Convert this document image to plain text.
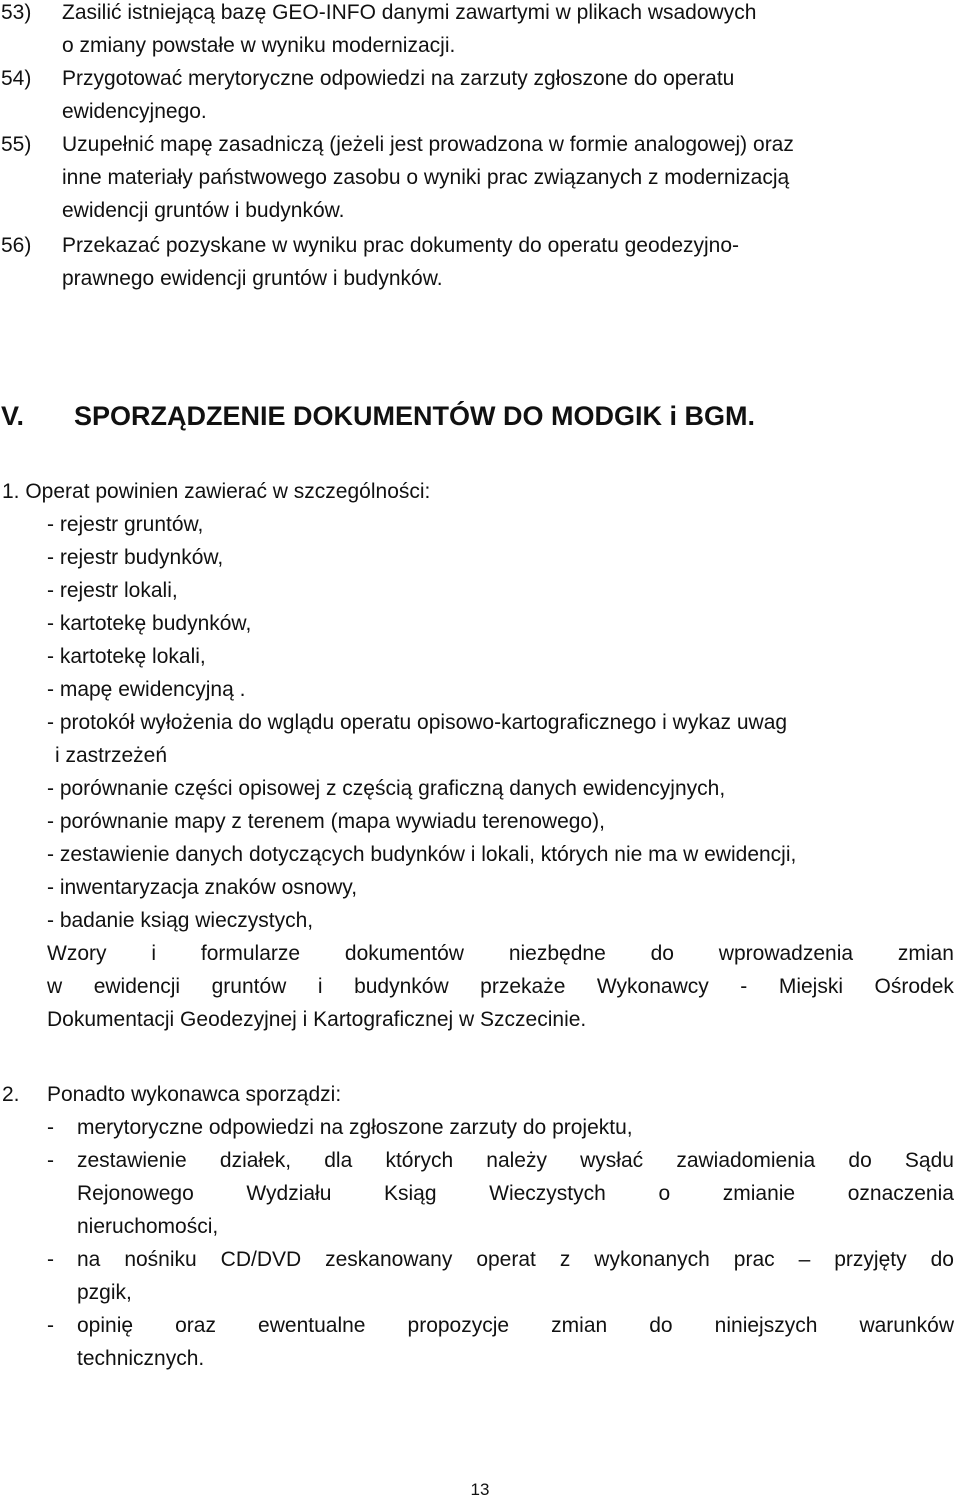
53)	Zasilić istniejącą bazę GEO-INFO danymi zawartymi w plikach wsadowych
o zmiany powstałe w wyniku modernizacji.
54)	Przygotować merytoryczne odpowiedzi na zarzuty zgłoszone do operatu
ewidencyjnego.
55)	Uzupełnić mapę zasadniczą (jeżeli jest prowadzona w formie analogowej) oraz
inne materiały państwowego zasobu o wyniki prac związanych z modernizacją
ewidencji gruntów i budynków.
56)	Przekazać pozyskane w wyniku prac dokumenty do operatu geodezyjno-
prawnego ewidencji gruntów i budynków.
V.	SPORZĄDZENIE DOKUMENTÓW DO MODGIK i BGM.
1. Operat powinien zawierać w szczególności:
- rejestr gruntów,
- rejestr budynków,
- rejestr lokali,
- kartotekę budynków,
- kartotekę lokali,
- mapę ewidencyjną .
- protokół wyłożenia do wglądu operatu opisowo-kartograficznego i wykaz uwag
i zastrzeżeń
- porównanie części opisowej z częścią graficzną danych ewidencyjnych,
- porównanie mapy z terenem (mapa wywiadu terenowego),
- zestawienie danych dotyczących budynków i lokali, których nie ma w ewidencji,
- inwentaryzacja znaków osnowy,
- badanie ksiąg wieczystych,
Wzory i formularze dokumentów niezbędne do wprowadzenia zmian
w ewidencji gruntów i budynków przekaże Wykonawcy - Miejski Ośrodek
Dokumentacji Geodezyjnej i Kartograficznej w Szczecinie.
2.	Ponadto wykonawca sporządzi:
-	merytoryczne odpowiedzi na zgłoszone zarzuty do projektu,
-	zestawienie działek, dla których należy wysłać zawiadomienia do Sądu
Rejonowego	Wydziału	Ksiąg	Wieczystych	o	zmianie	oznaczenia
nieruchomości,
-	na nośniku CD/DVD zeskanowany operat z wykonanych prac – przyjęty do
pzgik,
-	opinię oraz ewentualne propozycje zmian do niniejszych warunków
technicznych.
13
